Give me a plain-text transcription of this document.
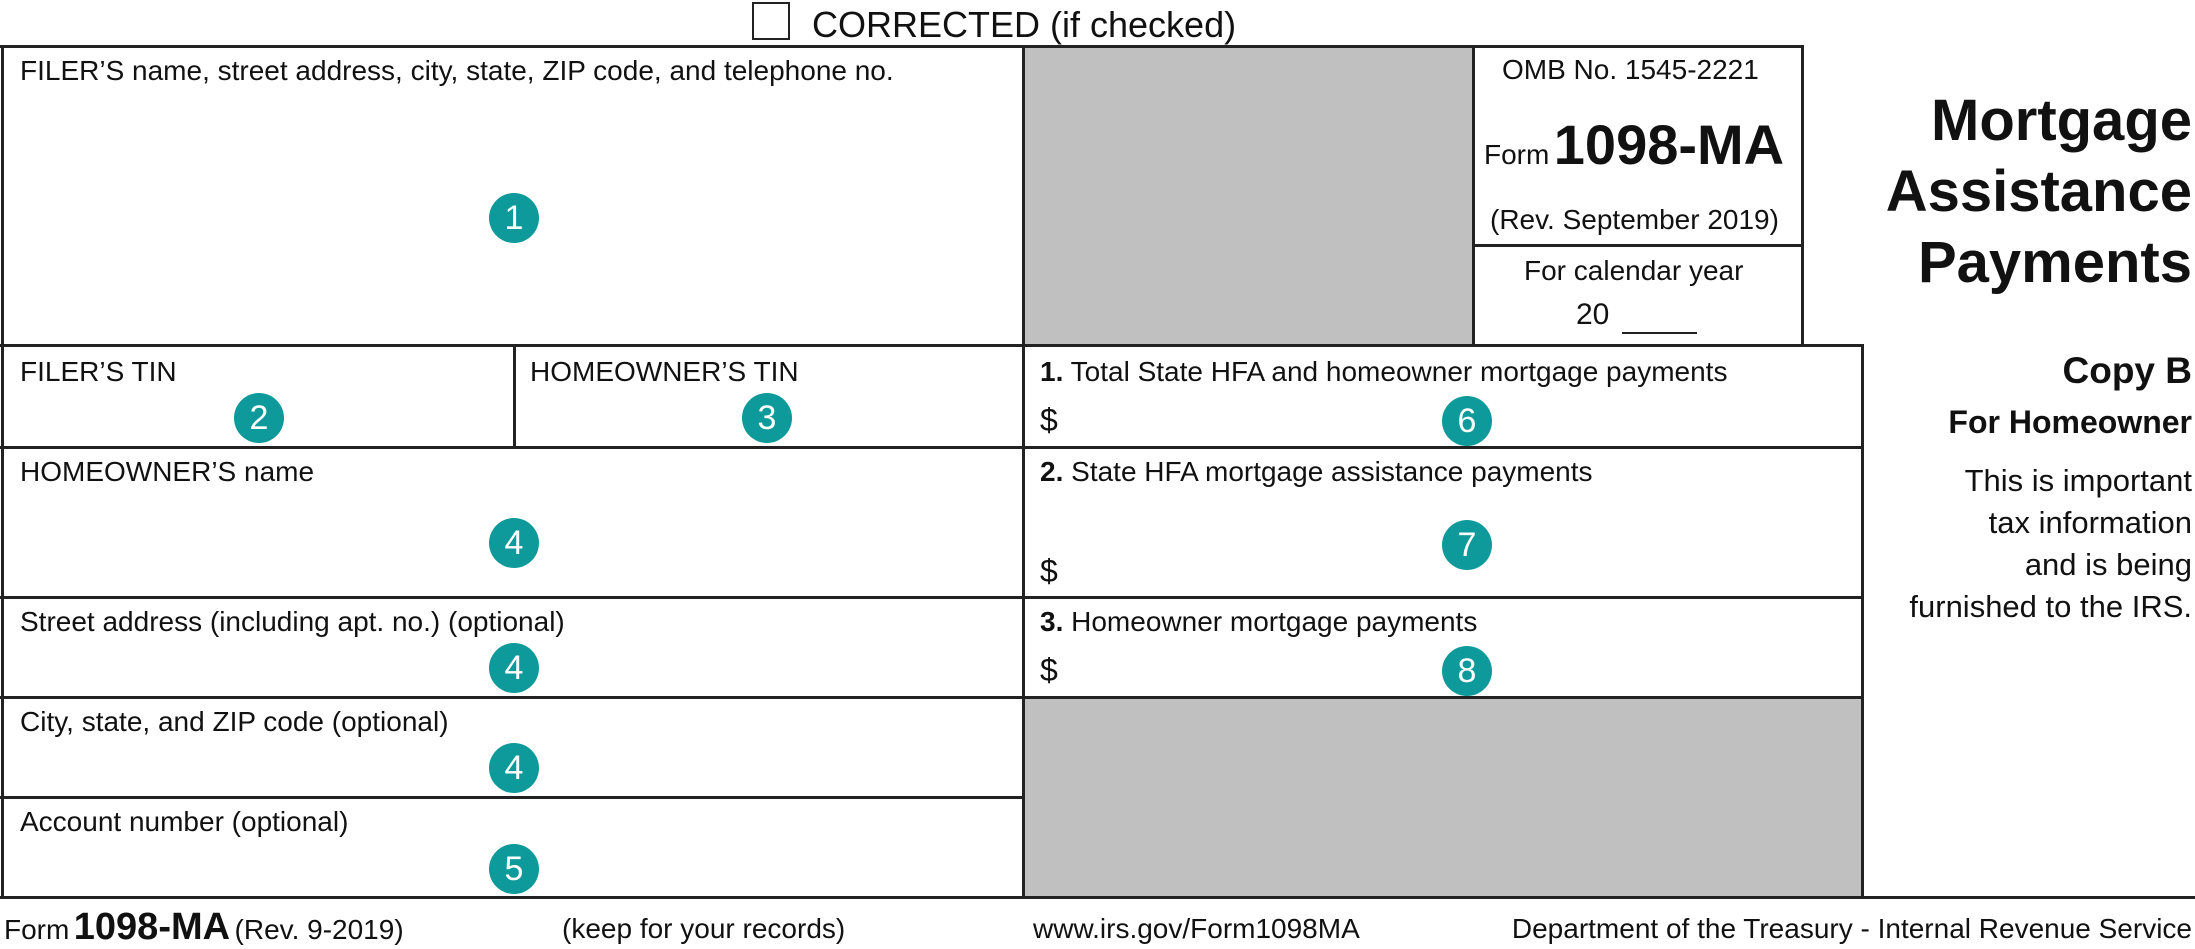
CORRECTED (if checked)
FILER’S name, street address, city, state, ZIP code, and telephone no.
1
OMB No. 1545-2221
Form 1098-MA
(Rev. September 2019)
For calendar year
20
Mortgage
Assistance
Payments
FILER’S TIN
2
HOMEOWNER’S TIN
3
1. Total State HFA and homeowner mortgage payments
$	6
Copy B
For Homeowner
This is important
tax information
and is being
furnished to the IRS.
HOMEOWNER’S name
4
2. State HFA mortgage assistance payments
7
$
Street address (including apt. no.) (optional)
4
3. Homeowner mortgage payments
$	8
City, state, and ZIP code (optional)
4
Account number (optional)
5
Form 1098-MA (Rev. 9-2019)	(keep for your records)	www.irs.gov/Form1098MA	Department of the Treasury - Internal Revenue Service
